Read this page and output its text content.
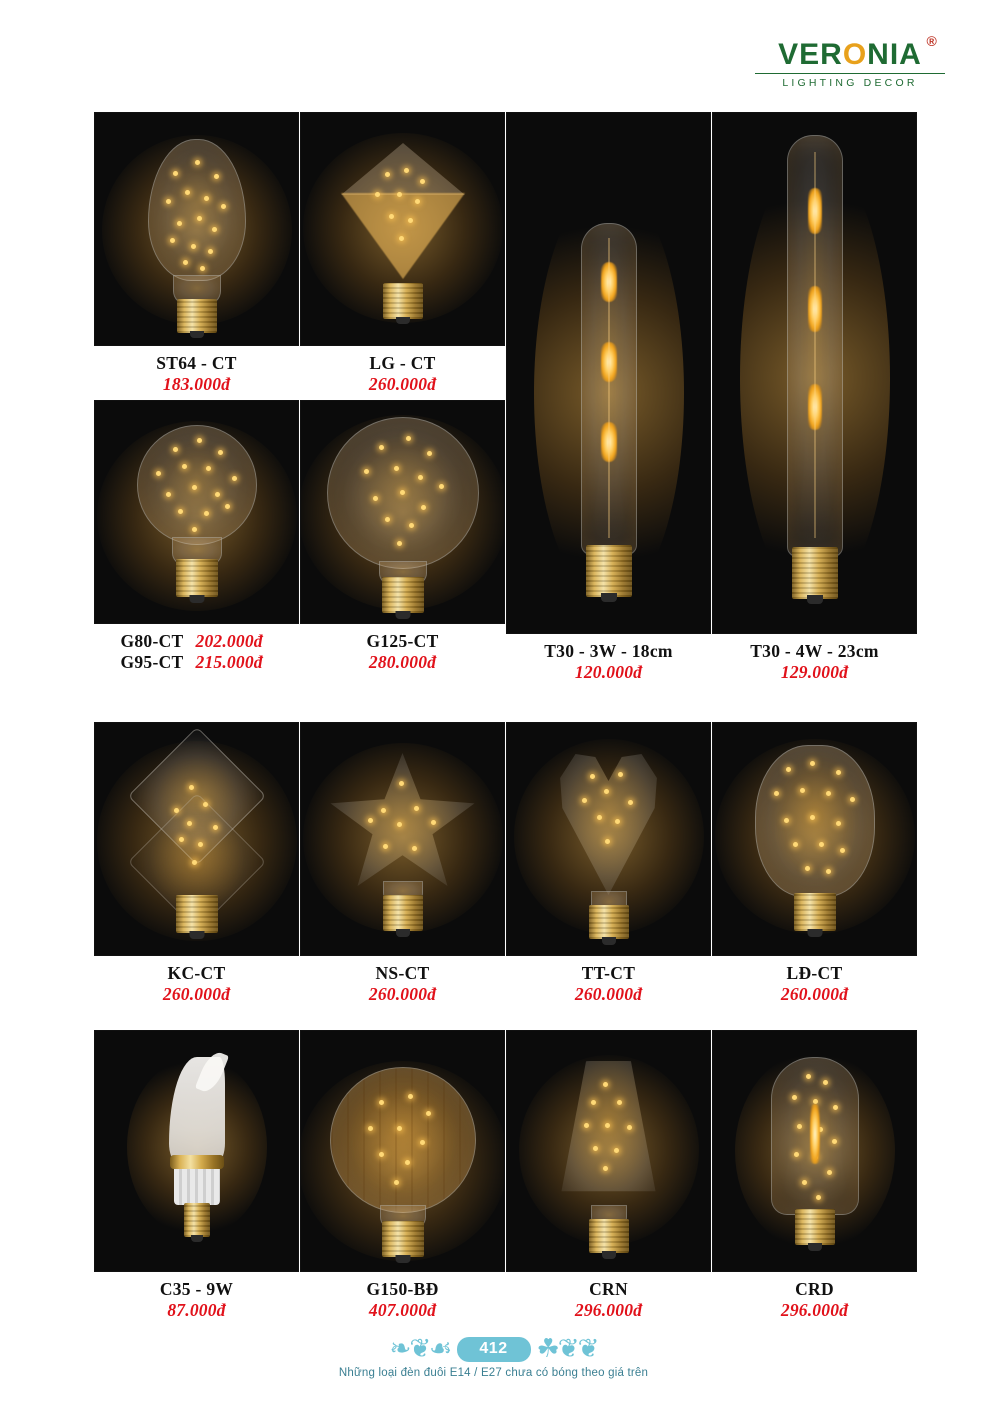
VERONIA ®
LIGHTING DECOR
ST64 - CT
183.000đ
LG - CT
260.000đ
T30 - 3W - 18cm
120.000đ
T30 - 4W - 23cm
129.000đ
G80-CT 202.000đ
G95-CT 215.000đ
G125-CT
280.000đ
KC-CT
260.000đ
NS-CT
260.000đ
TT-CT
260.000đ
LĐ-CT
260.000đ
C35 - 9W
87.000đ
G150-BĐ
407.000đ
CRN
296.000đ
CRD
296.000đ
❧❦☙	412	☘❦❦
Những loại đèn đuôi E14 / E27 chưa có bóng theo giá trên
